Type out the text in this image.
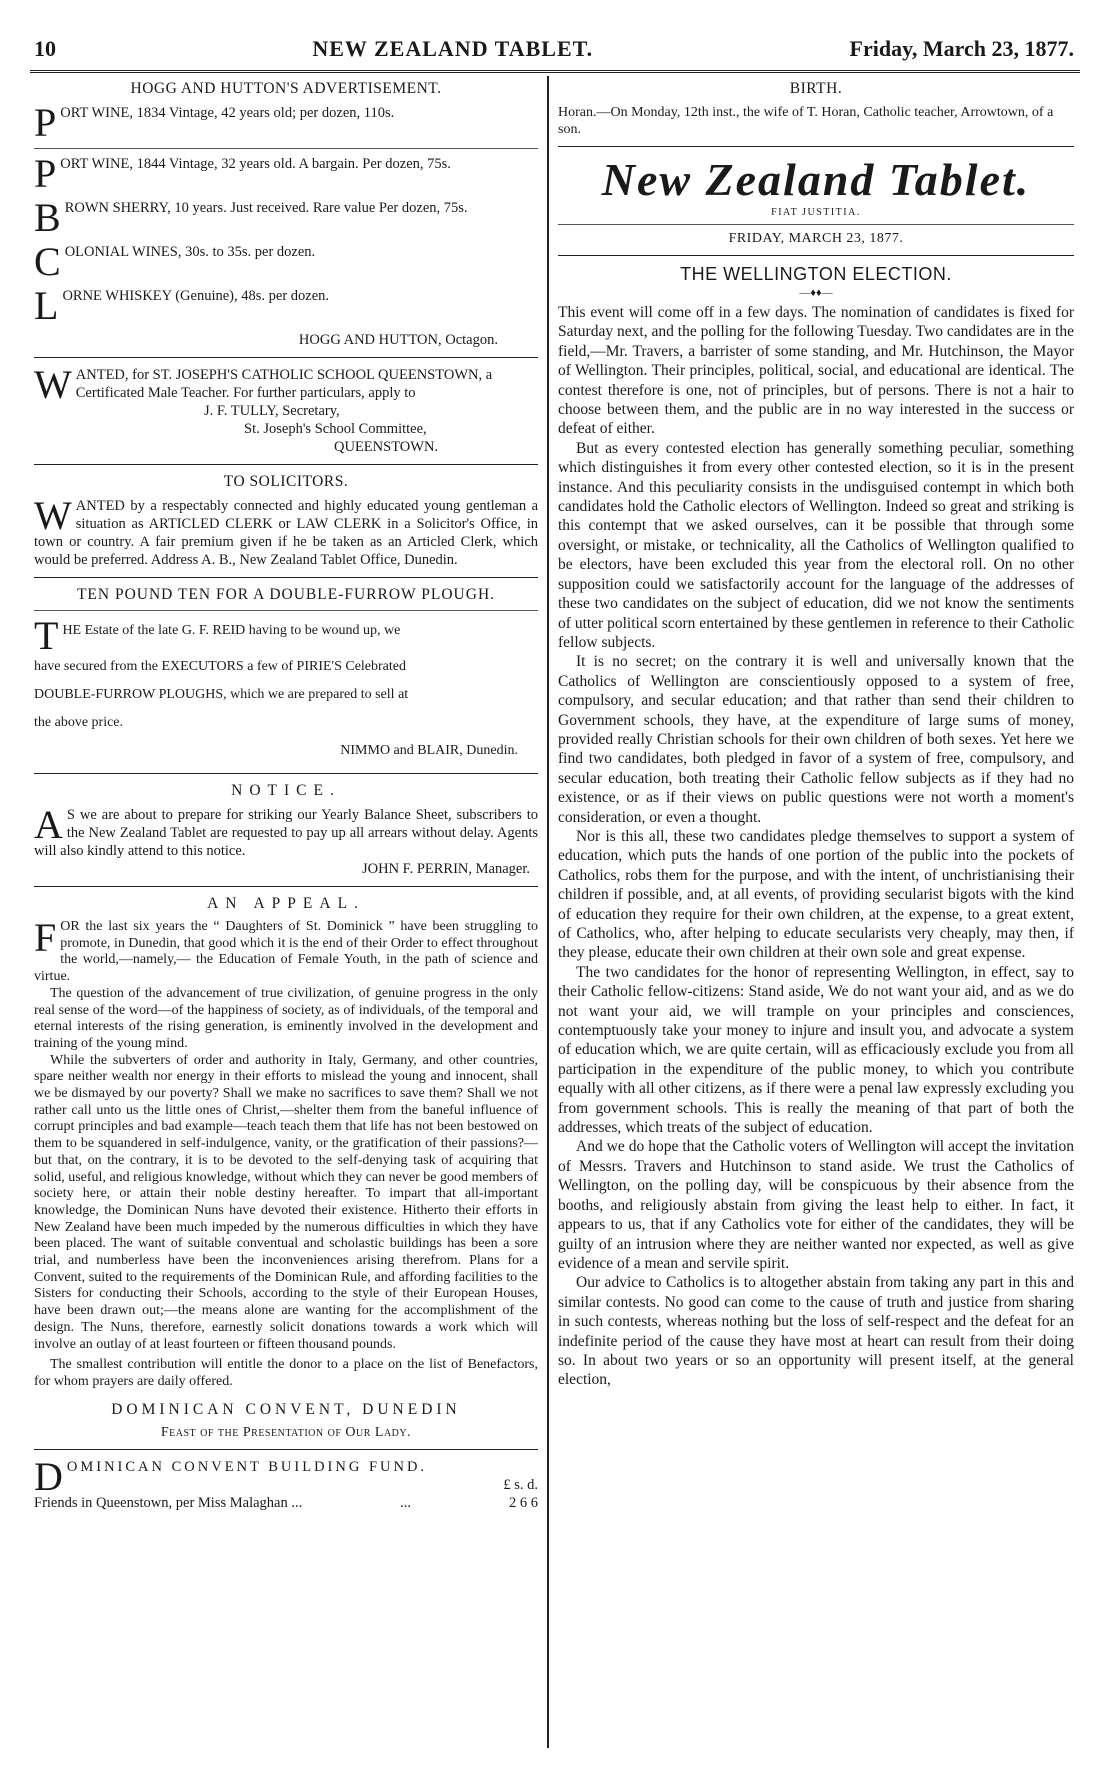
10	NEW ZEALAND TABLET.	Friday, March 23, 1877.
HOGG AND HUTTON'S ADVERTISEMENT.
P ORT WINE, 1834 Vintage, 42 years old; per dozen, 110s.

P ORT WINE, 1844 Vintage, 32 years old. A bargain. Per dozen, 75s.

B ROWN SHERRY, 10 years. Just received. Rare value Per dozen, 75s.

C OLONIAL WINES, 30s. to 35s. per dozen.

L ORNE WHISKEY (Genuine), 48s. per dozen.

HOGG AND HUTTON, Octagon.
W ANTED, for ST. JOSEPH'S CATHOLIC SCHOOL QUEENSTOWN, a Certificated Male Teacher. For further particulars, apply to

J. F. TULLY, Secretary,

St. Joseph's School Committee,

QUEENSTOWN.

TO SOLICITORS.
W ANTED by a respectably connected and highly educated young gentleman a situation as ARTICLED CLERK or LAW CLERK in a Solicitor's Office, in town or country. A fair premium given if he be taken as an Articled Clerk, which would be preferred. Address A. B., New Zealand Tablet Office, Dunedin.

TEN POUND TEN FOR A DOUBLE-FURROW PLOUGH.
T HE Estate of the late G. F. REID having to be wound up, we

have secured from the EXECUTORS a few of PIRIE'S Celebrated

DOUBLE-FURROW PLOUGHS, which we are prepared to sell at

the above price.

NIMMO and BLAIR, Dunedin.

NOTICE.
A S we are about to prepare for striking our Yearly Balance Sheet, subscribers to the New Zealand Tablet are requested to pay up all arrears without delay. Agents will also kindly attend to this notice.

JOHN F. PERRIN, Manager.

AN APPEAL.
F OR the last six years the “ Daughters of St. Dominick ” have been struggling to promote, in Dunedin, that good which it is the end of their Order to effect throughout the world,—namely,— the Education of Female Youth, in the path of science and virtue.

The question of the advancement of true civilization, of genuine progress in the only real sense of the word—of the happiness of society, as of individuals, of the temporal and eternal interests of the rising generation, is eminently involved in the development and training of the young mind.

While the subverters of order and authority in Italy, Germany, and other countries, spare neither wealth nor energy in their efforts to mislead the young and innocent, shall we be dismayed by our poverty? Shall we make no sacrifices to save them? Shall we not rather call unto us the little ones of Christ,—shelter them from the baneful influence of corrupt principles and bad example—teach teach them that life has not been bestowed on them to be squandered in self-indulgence, vanity, or the gratification of their passions?—but that, on the contrary, it is to be devoted to the self-denying task of acquiring that solid, useful, and religious knowledge, without which they can never be good members of society here, or attain their noble destiny hereafter. To impart that all-important knowledge, the Dominican Nuns have devoted their existence. Hitherto their efforts in New Zealand have been much impeded by the numerous difficulties in which they have been placed. The want of suitable conventual and scholastic buildings has been a sore trial, and numberless have been the inconveniences arising therefrom. Plans for a Convent, suited to the requirements of the Dominican Rule, and affording facilities to the Sisters for conducting their Schools, according to the style of their European Houses, have been drawn out;—the means alone are wanting for the accomplishment of the design. The Nuns, therefore, earnestly solicit donations towards a work which will involve an outlay of at least fourteen or fifteen thousand pounds.

The smallest contribution will entitle the donor to a place on the list of Benefactors, for whom prayers are daily offered.

DOMINICAN CONVENT, DUNEDIN
Feast of the Presentation of Our Lady.
D OMINICAN CONVENT BUILDING FUND.

£ s. d.

Friends in Queenstown, per Miss Malaghan ...	...	2 6 6
BIRTH.
Horan.—On Monday, 12th inst., the wife of T. Horan, Catholic teacher, Arrowtown, of a son.
New Zealand Tablet.
FIAT JUSTITIA.
FRIDAY, MARCH 23, 1877.
THE WELLINGTON ELECTION.
—♦♦—

This event will come off in a few days. The nomination of candidates is fixed for Saturday next, and the polling for the following Tuesday. Two candidates are in the field,—Mr. Travers, a barrister of some standing, and Mr. Hutchinson, the Mayor of Wellington. Their principles, political, social, and educational are identical. The contest therefore is one, not of principles, but of persons. There is not a hair to choose between them, and the public are in no way interested in the success or defeat of either.

But as every contested election has generally something peculiar, something which distinguishes it from every other contested election, so it is in the present instance. And this peculiarity consists in the undisguised contempt in which both candidates hold the Catholic electors of Wellington. Indeed so great and striking is this contempt that we asked ourselves, can it be possible that through some oversight, or mistake, or technicality, all the Catholics of Wellington qualified to be electors, have been excluded this year from the electoral roll. On no other supposition could we satisfactorily account for the language of the addresses of these two candidates on the subject of education, did we not know the sentiments of utter political scorn entertained by these gentlemen in reference to their Catholic fellow subjects.

It is no secret; on the contrary it is well and universally known that the Catholics of Wellington are conscientiously opposed to a system of free, compulsory, and secular education; and that rather than send their children to Government schools, they have, at the expenditure of large sums of money, provided really Christian schools for their own children of both sexes. Yet here we find two candidates, both pledged in favor of a system of free, compulsory, and secular education, both treating their Catholic fellow subjects as if they had no existence, or as if their views on public questions were not worth a moment's consideration, or even a thought.

Nor is this all, these two candidates pledge themselves to support a system of education, which puts the hands of one portion of the public into the pockets of Catholics, robs them for the purpose, and with the intent, of unchristianising their children if possible, and, at all events, of providing secularist bigots with the kind of education they require for their own children, at the expense, to a great extent, of Catholics, who, after helping to educate secularists very cheaply, may then, if they please, educate their own children at their own sole and great expense.

The two candidates for the honor of representing Wellington, in effect, say to their Catholic fellow-citizens: Stand aside, We do not want your aid, and as we do not want your aid, we will trample on your principles and consciences, contemptuously take your money to injure and insult you, and advocate a system of education which, we are quite certain, will as efficaciously exclude you from all participation in the expenditure of the public money, to which you contribute equally with all other citizens, as if there were a penal law expressly excluding you from government schools. This is really the meaning of that part of both the addresses, which treats of the subject of education.

And we do hope that the Catholic voters of Wellington will accept the invitation of Messrs. Travers and Hutchinson to stand aside. We trust the Catholics of Wellington, on the polling day, will be conspicuous by their absence from the booths, and religiously abstain from giving the least help to either. In fact, it appears to us, that if any Catholics vote for either of the candidates, they will be guilty of an intrusion where they are neither wanted nor expected, as well as give evidence of a mean and servile spirit.

Our advice to Catholics is to altogether abstain from taking any part in this and similar contests. No good can come to the cause of truth and justice from sharing in such contests, whereas nothing but the loss of self-respect and the defeat for an indefinite period of the cause they have most at heart can result from their doing so. In about two years or so an opportunity will present itself, at the general election,
